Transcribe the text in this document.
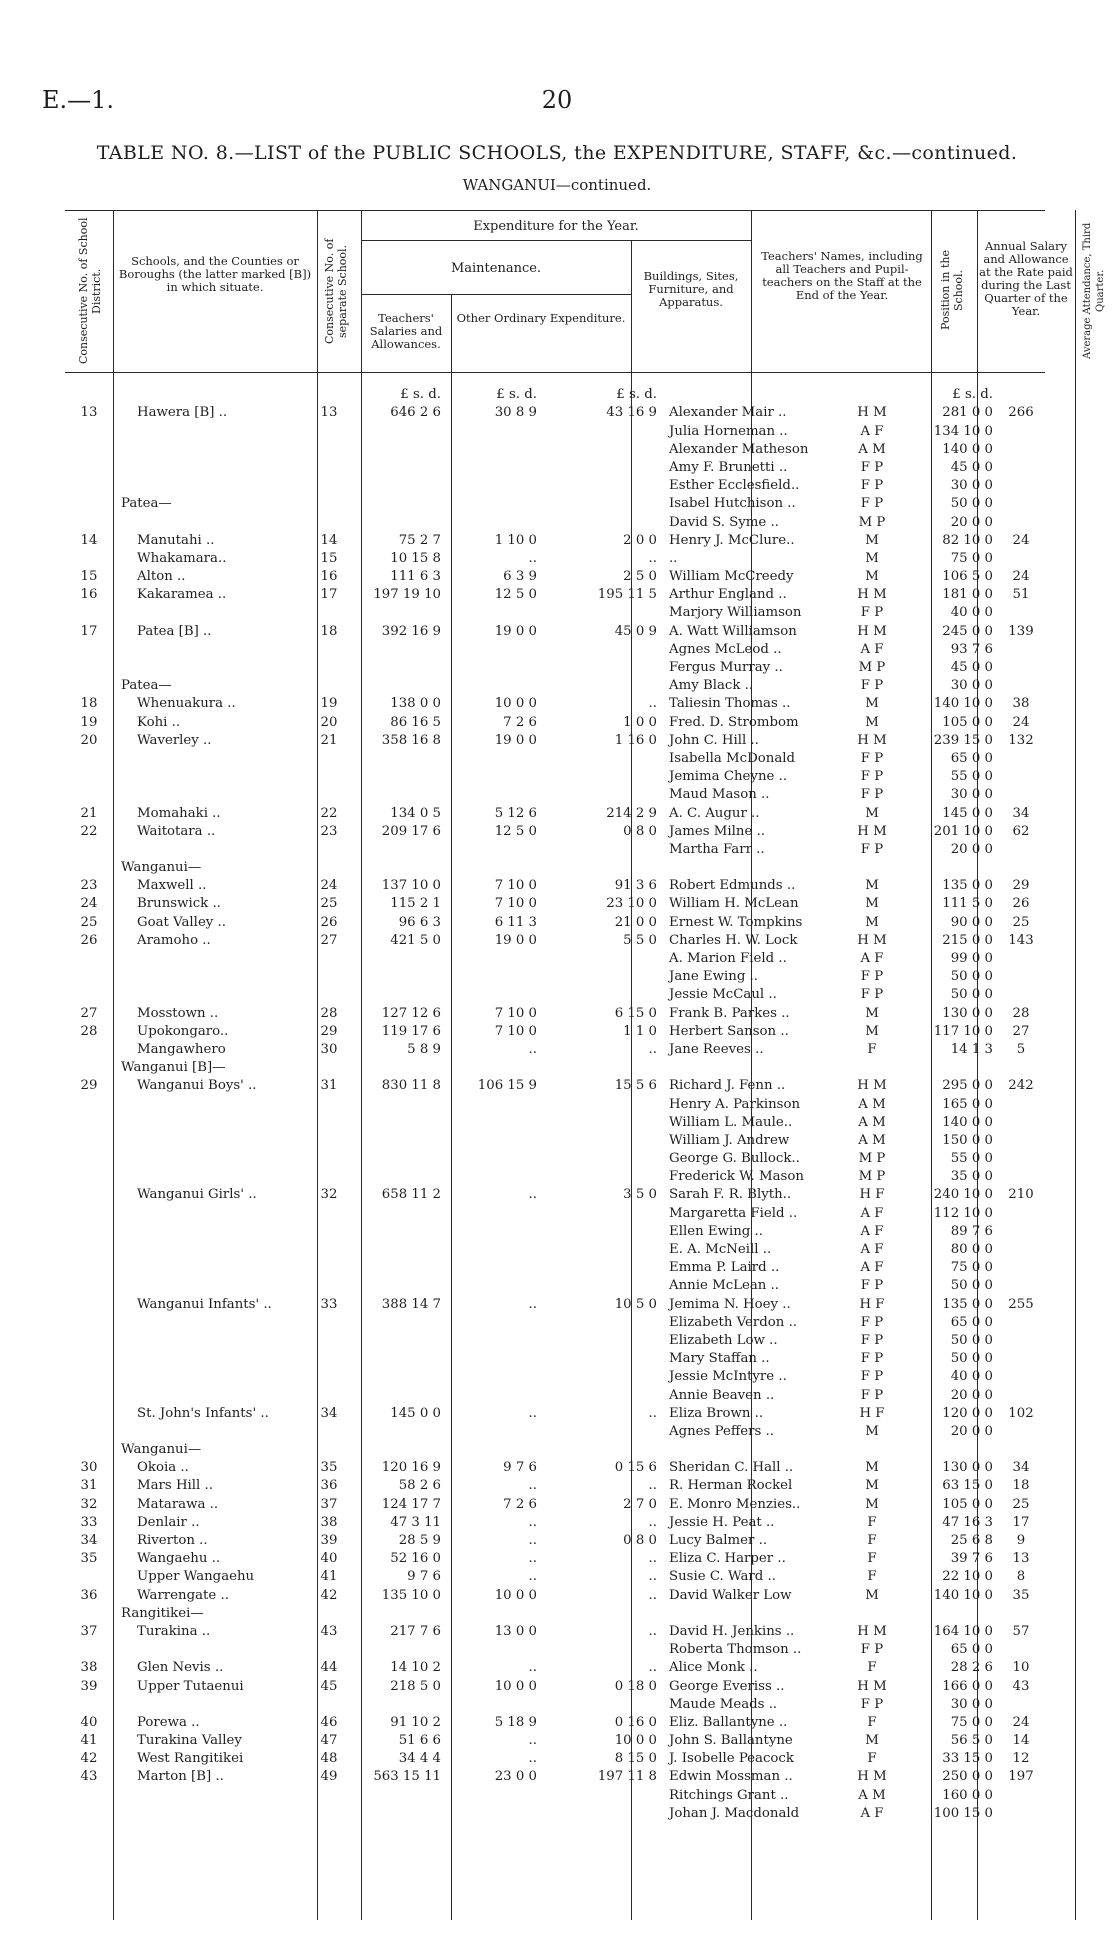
E.—1.	20
TABLE NO. 8.—LIST of the PUBLIC SCHOOLS, the EXPENDITURE, STAFF, &c.—continued.
WANGANUI—continued.
Consecutive No. of School District.
Schools, and the Counties or Boroughs (the latter marked [B]) in which situate.	Consecutive No. of separate School.
Expenditure for the Year.
Maintenance.
Teachers' Salaries and Allowances.
Other Ordinary Expenditure.
Buildings, Sites, Furniture, and Apparatus.
Teachers' Names, including all Teachers and Pupil-teachers on the Staff at the End of the Year.	Position in the School.
Annual Salary and Allowance at the Rate paid during the Last Quarter of the Year.	Average Attendance, Third Quarter.
			£ s. d.	£ s. d.	£ s. d.			£ s. d.	
13	Hawera [B] ..	13	646 2 6	30 8 9	43 16 9	Alexander Mair ..	H M	281 0 0	266
						Julia Horneman ..	A F	134 10 0	
						Alexander Matheson	A M	140 0 0	
						Amy F. Brunetti ..	F P	45 0 0	
						Esther Ecclesfield..	F P	30 0 0	
	Patea—					Isabel Hutchison ..	F P	50 0 0	
						David S. Syme ..	M P	20 0 0	
14	Manutahi ..	14	75 2 7	1 10 0	2 0 0	Henry J. McClure..	M	82 10 0	24
	Whakamara..	15	10 15 8	..	..	..	M	75 0 0	
15	Alton ..	16	111 6 3	6 3 9	2 5 0	William McCreedy	M	106 5 0	24
16	Kakaramea ..	17	197 19 10	12 5 0	195 11 5	Arthur England ..	H M	181 0 0	51
						Marjory Williamson	F P	40 0 0	
17	Patea [B] ..	18	392 16 9	19 0 0	45 0 9	A. Watt Williamson	H M	245 0 0	139
						Agnes McLeod ..	A F	93 7 6	
						Fergus Murray ..	M P	45 0 0	
	Patea—					Amy Black ..	F P	30 0 0	
18	Whenuakura ..	19	138 0 0	10 0 0	..	Taliesin Thomas ..	M	140 10 0	38
19	Kohi ..	20	86 16 5	7 2 6	1 0 0	Fred. D. Strombom	M	105 0 0	24
20	Waverley ..	21	358 16 8	19 0 0	1 16 0	John C. Hill ..	H M	239 15 0	132
						Isabella McDonald	F P	65 0 0	
						Jemima Cheyne ..	F P	55 0 0	
						Maud Mason ..	F P	30 0 0	
21	Momahaki ..	22	134 0 5	5 12 6	214 2 9	A. C. Augur ..	M	145 0 0	34
22	Waitotara ..	23	209 17 6	12 5 0	0 8 0	James Milne ..	H M	201 10 0	62
						Martha Farr ..	F P	20 0 0	
	Wanganui—								
23	Maxwell ..	24	137 10 0	7 10 0	91 3 6	Robert Edmunds ..	M	135 0 0	29
24	Brunswick ..	25	115 2 1	7 10 0	23 10 0	William H. McLean	M	111 5 0	26
25	Goat Valley ..	26	96 6 3	6 11 3	21 0 0	Ernest W. Tompkins	M	90 0 0	25
26	Aramoho ..	27	421 5 0	19 0 0	5 5 0	Charles H. W. Lock	H M	215 0 0	143
						A. Marion Field ..	A F	99 0 0	
						Jane Ewing ..	F P	50 0 0	
						Jessie McCaul ..	F P	50 0 0	
27	Mosstown ..	28	127 12 6	7 10 0	6 15 0	Frank B. Parkes ..	M	130 0 0	28
28	Upokongaro..	29	119 17 6	7 10 0	1 1 0	Herbert Sanson ..	M	117 10 0	27
	Mangawhero	30	5 8 9	..	..	Jane Reeves ..	F	14 1 3	5
	Wanganui [B]—								
29	Wanganui Boys' ..	31	830 11 8	106 15 9	15 5 6	Richard J. Fenn ..	H M	295 0 0	242
						Henry A. Parkinson	A M	165 0 0	
						William L. Maule..	A M	140 0 0	
						William J. Andrew	A M	150 0 0	
						George G. Bullock..	M P	55 0 0	
						Frederick W. Mason	M P	35 0 0	
	Wanganui Girls' ..	32	658 11 2	..	3 5 0	Sarah F. R. Blyth..	H F	240 10 0	210
						Margaretta Field ..	A F	112 10 0	
						Ellen Ewing ..	A F	89 7 6	
						E. A. McNeill ..	A F	80 0 0	
						Emma P. Laird ..	A F	75 0 0	
						Annie McLean ..	F P	50 0 0	
	Wanganui Infants' ..	33	388 14 7	..	10 5 0	Jemima N. Hoey ..	H F	135 0 0	255
						Elizabeth Verdon ..	F P	65 0 0	
						Elizabeth Low ..	F P	50 0 0	
						Mary Staffan ..	F P	50 0 0	
						Jessie McIntyre ..	F P	40 0 0	
						Annie Beaven ..	F P	20 0 0	
	St. John's Infants' ..	34	145 0 0	..	..	Eliza Brown ..	H F	120 0 0	102
						Agnes Peffers ..	M	20 0 0	
	Wanganui—								
30	Okoia ..	35	120 16 9	9 7 6	0 15 6	Sheridan C. Hall ..	M	130 0 0	34
31	Mars Hill ..	36	58 2 6	..	..	R. Herman Rockel	M	63 15 0	18
32	Matarawa ..	37	124 17 7	7 2 6	2 7 0	E. Monro Menzies..	M	105 0 0	25
33	Denlair ..	38	47 3 11	..	..	Jessie H. Peat ..	F	47 16 3	17
34	Riverton ..	39	28 5 9	..	0 8 0	Lucy Balmer ..	F	25 6 8	9
35	Wangaehu ..	40	52 16 0	..	..	Eliza C. Harper ..	F	39 7 6	13
	Upper Wangaehu	41	9 7 6	..	..	Susie C. Ward ..	F	22 10 0	8
36	Warrengate ..	42	135 10 0	10 0 0	..	David Walker Low	M	140 10 0	35
	Rangitikei—								
37	Turakina ..	43	217 7 6	13 0 0	..	David H. Jenkins ..	H M	164 10 0	57
						Roberta Thomson ..	F P	65 0 0	
38	Glen Nevis ..	44	14 10 2	..	..	Alice Monk ..	F	28 2 6	10
39	Upper Tutaenui	45	218 5 0	10 0 0	0 18 0	George Everiss ..	H M	166 0 0	43
						Maude Meads ..	F P	30 0 0	
40	Porewa ..	46	91 10 2	5 18 9	0 16 0	Eliz. Ballantyne ..	F	75 0 0	24
41	Turakina Valley	47	51 6 6	..	10 0 0	John S. Ballantyne	M	56 5 0	14
42	West Rangitikei	48	34 4 4	..	8 15 0	J. Isobelle Peacock	F	33 15 0	12
43	Marton [B] ..	49	563 15 11	23 0 0	197 11 8	Edwin Mossman ..	H M	250 0 0	197
						Ritchings Grant ..	A M	160 0 0	
						Johan J. Macdonald	A F	100 15 0	
